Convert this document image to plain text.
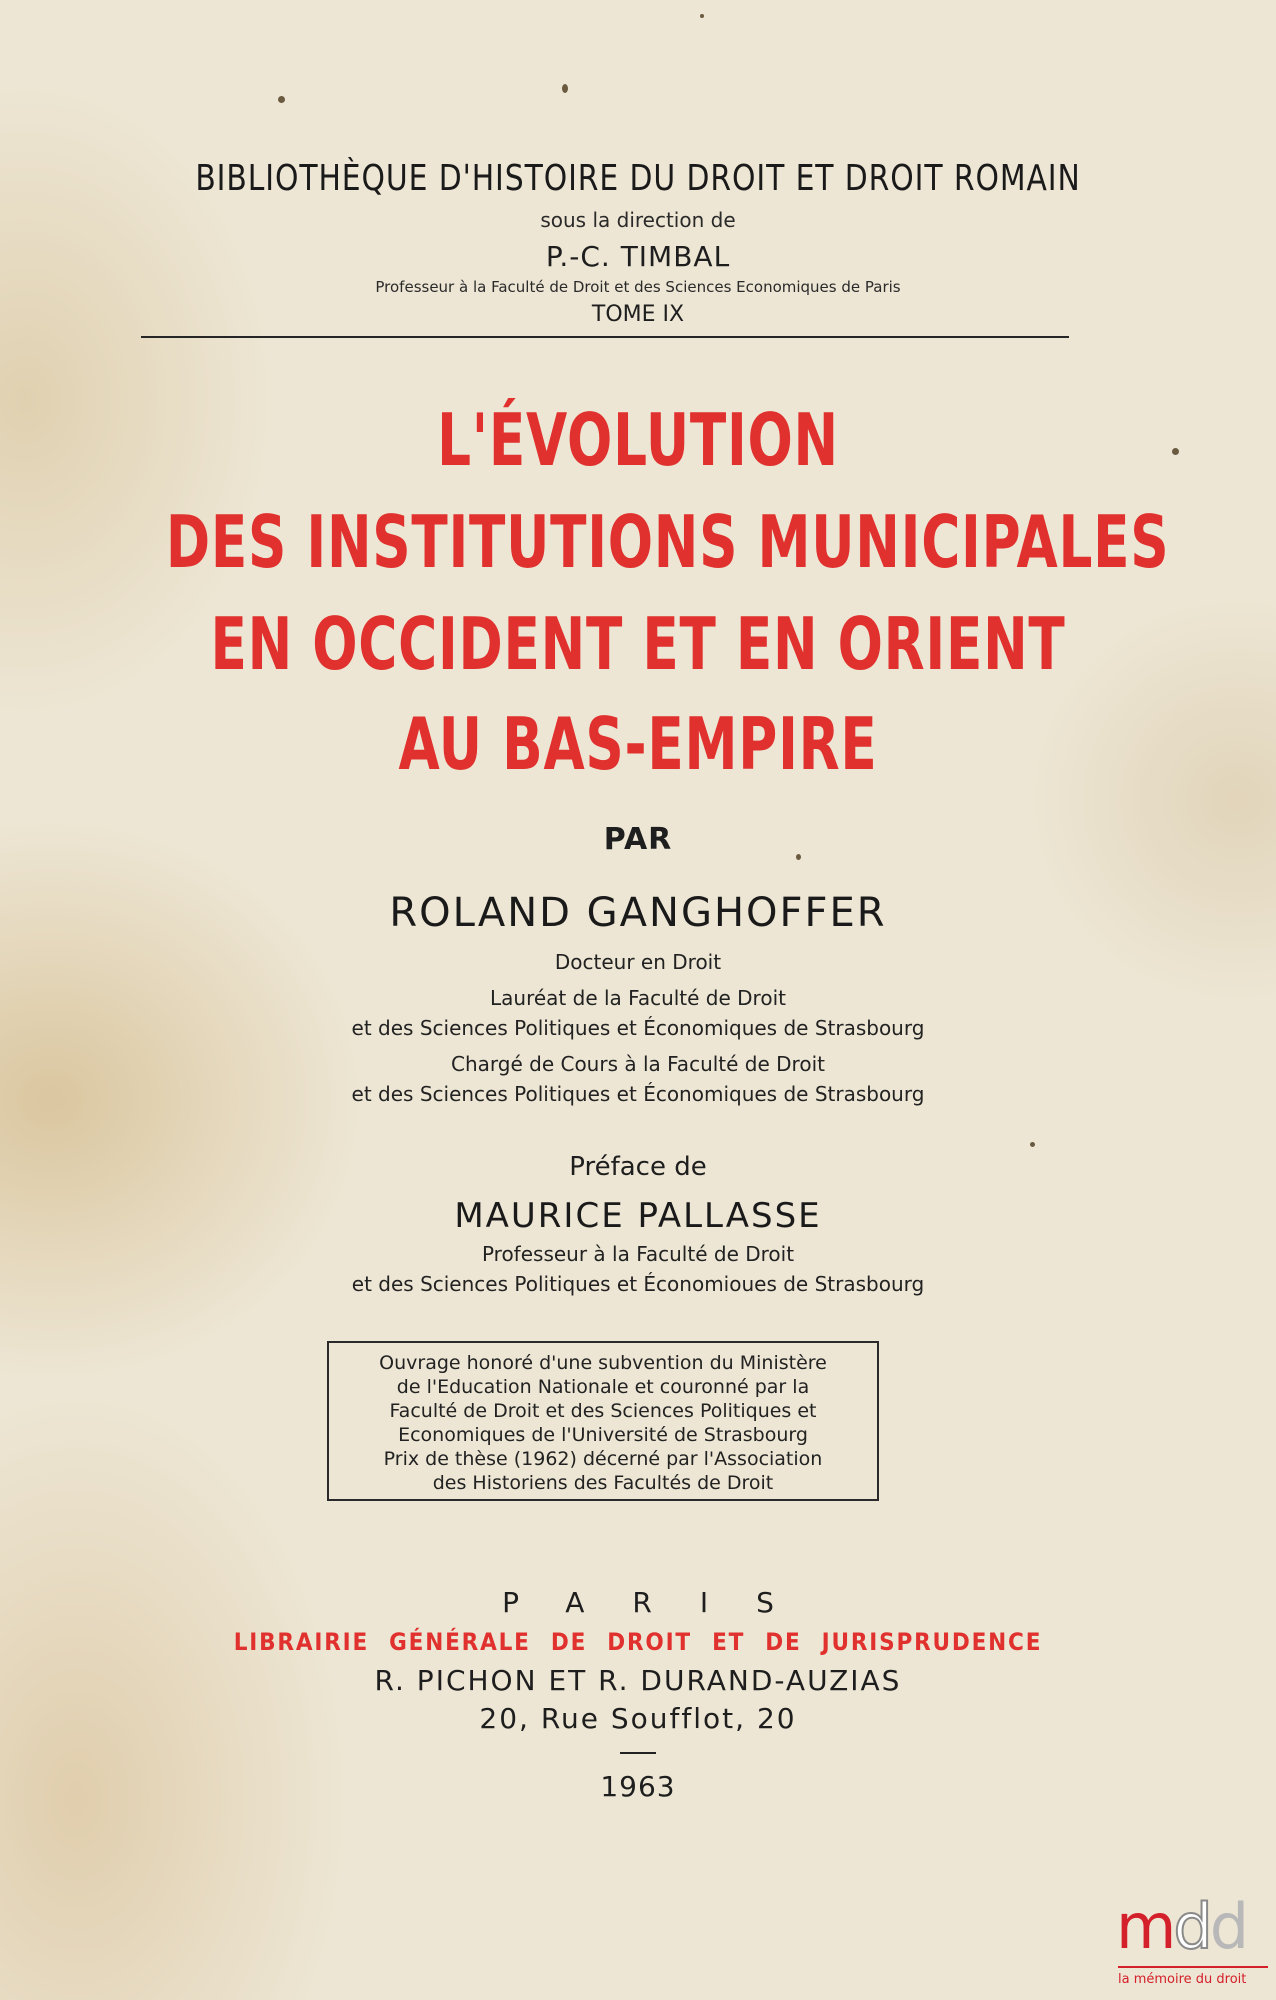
BIBLIOTHÈQUE D'HISTOIRE DU DROIT ET DROIT ROMAIN
sous la direction de
P.-C. TIMBAL
Professeur à la Faculté de Droit et des Sciences Economiques de Paris
TOME IX
L'ÉVOLUTION
DES INSTITUTIONS MUNICIPALES
EN OCCIDENT ET EN ORIENT
AU BAS-EMPIRE
PAR
ROLAND GANGHOFFER
Docteur en Droit
Lauréat de la Faculté de Droit
et des Sciences Politiques et Économiques de Strasbourg
Chargé de Cours à la Faculté de Droit
et des Sciences Politiques et Économiques de Strasbourg
Préface de
MAURICE PALLASSE
Professeur à la Faculté de Droit
et des Sciences Politiques et Économioues de Strasbourg
Ouvrage honoré d'une subvention du Ministère
de l'Education Nationale et couronné par la
Faculté de Droit et des Sciences Politiques et
Economiques de l'Université de Strasbourg
Prix de thèse (1962) décerné par l'Association
des Historiens des Facultés de Droit
PARIS
LIBRAIRIE GÉNÉRALE DE DROIT ET DE JURISPRUDENCE
R. PICHON ET R. DURAND-AUZIAS
20, Rue Soufflot, 20
1963
mdd
la mémoire du droit
